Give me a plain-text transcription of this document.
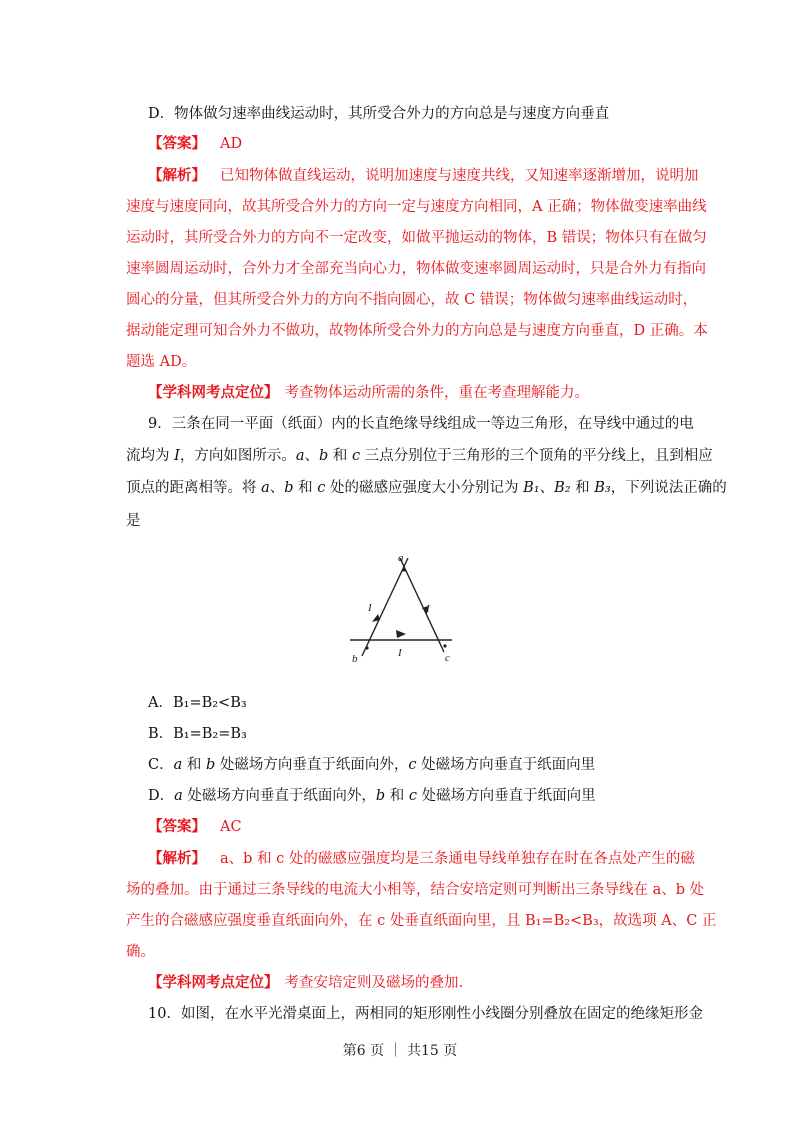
D．物体做匀速率曲线运动时，其所受合外力的方向总是与速度方向垂直
【答案】 AD
【解析】 已知物体做直线运动，说明加速度与速度共线，又知速率逐渐增加，说明加
速度与速度同向，故其所受合外力的方向一定与速度方向相同，A 正确；物体做变速率曲线
运动时，其所受合外力的方向不一定改变，如做平抛运动的物体，B 错误；物体只有在做匀
速率圆周运动时，合外力才全部充当向心力，物体做变速率圆周运动时，只是合外力有指向
圆心的分量，但其所受合外力的方向不指向圆心，故 C 错误；物体做匀速率曲线运动时，
据动能定理可知合外力不做功，故物体所受合外力的方向总是与速度方向垂直，D 正确。本
题选 AD。
【学科网考点定位】 考查物体运动所需的条件，重在考查理解能力。
9．三条在同一平面（纸面）内的长直绝缘导线组成一等边三角形，在导线中通过的电
流均为 I，方向如图所示。a、b 和 c 三点分别位于三角形的三个顶角的平分线上，且到相应
顶点的距离相等。将 a、b 和 c 处的磁感应强度大小分别记为 B₁、B₂ 和 B₃，下列说法正确的
是
a
b	c
I	I
I
A．B₁=B₂<B₃
B．B₁=B₂=B₃
C．a 和 b 处磁场方向垂直于纸面向外，c 处磁场方向垂直于纸面向里
D．a 处磁场方向垂直于纸面向外，b 和 c 处磁场方向垂直于纸面向里
【答案】 AC
【解析】 a、b 和 c 处的磁感应强度均是三条通电导线单独存在时在各点处产生的磁
场的叠加。由于通过三条导线的电流大小相等，结合安培定则可判断出三条导线在 a、b 处
产生的合磁感应强度垂直纸面向外，在 c 处垂直纸面向里，且 B₁=B₂<B₃，故选项 A、C 正
确。
【学科网考点定位】 考查安培定则及磁场的叠加.
10．如图，在水平光滑桌面上，两相同的矩形刚性小线圈分别叠放在固定的绝缘矩形金
第6 页 ｜ 共15 页
